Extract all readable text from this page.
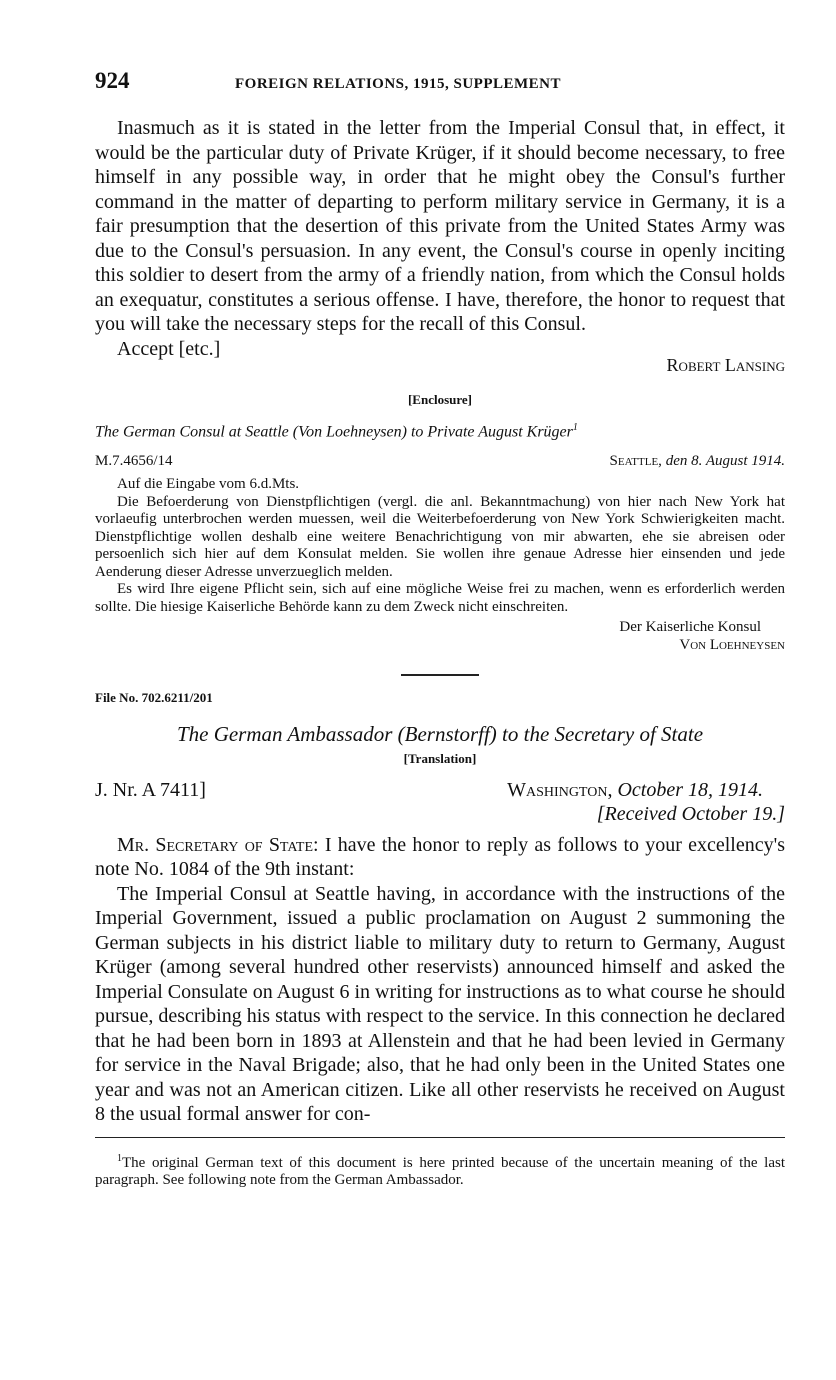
924	FOREIGN RELATIONS, 1915, SUPPLEMENT

Inasmuch as it is stated in the letter from the Imperial Consul that, in effect, it would be the particular duty of Private Krüger, if it should become necessary, to free himself in any possible way, in order that he might obey the Consul's further command in the matter of departing to perform military service in Germany, it is a fair presumption that the desertion of this private from the United States Army was due to the Consul's persuasion. In any event, the Consul's course in openly inciting this soldier to desert from the army of a friendly nation, from which the Consul holds an exequatur, constitutes a serious offense. I have, therefore, the honor to request that you will take the necessary steps for the recall of this Consul.

Accept [etc.]

Robert Lansing

[Enclosure]

The German Consul at Seattle (Von Loehneysen) to Private August Krüger$^1$

M.7.4656/14	Seattle, den 8. August 1914.

Auf die Eingabe vom 6.d.Mts.

Die Befoerderung von Dienstpflichtigen (vergl. die anl. Bekanntmachung) von hier nach New York hat vorlaeufig unterbrochen werden muessen, weil die Weiterbefoerderung von New York Schwierigkeiten macht. Dienstpflichtige wollen deshalb eine weitere Benachrichtigung von mir abwarten, ehe sie abreisen oder persoenlich sich hier auf dem Konsulat melden. Sie wollen ihre genaue Adresse hier einsenden und jede Aenderung dieser Adresse unverzueglich melden.

Es wird Ihre eigene Pflicht sein, sich auf eine mögliche Weise frei zu machen, wenn es erforderlich werden sollte. Die hiesige Kaiserliche Behörde kann zu dem Zweck nicht einschreiten.

Der Kaiserliche Konsul

Von Loehneysen

File No. 702.6211/201

The German Ambassador (Bernstorff) to the Secretary of State

[Translation]

J. Nr. A 7411]	Washington, October 18, 1914.

[Received October 19.]

Mr. Secretary of State: I have the honor to reply as follows to your excellency's note No. 1084 of the 9th instant:

The Imperial Consul at Seattle having, in accordance with the instructions of the Imperial Government, issued a public proclamation on August 2 summoning the German subjects in his district liable to military duty to return to Germany, August Krüger (among several hundred other reservists) announced himself and asked the Imperial Consulate on August 6 in writing for instructions as to what course he should pursue, describing his status with respect to the service. In this connection he declared that he had been born in 1893 at Allenstein and that he had been levied in Germany for service in the Naval Brigade; also, that he had only been in the United States one year and was not an American citizen. Like all other reservists he received on August 8 the usual formal answer for con-

$^1$The original German text of this document is here printed because of the uncertain meaning of the last paragraph. See following note from the German Ambassador.
